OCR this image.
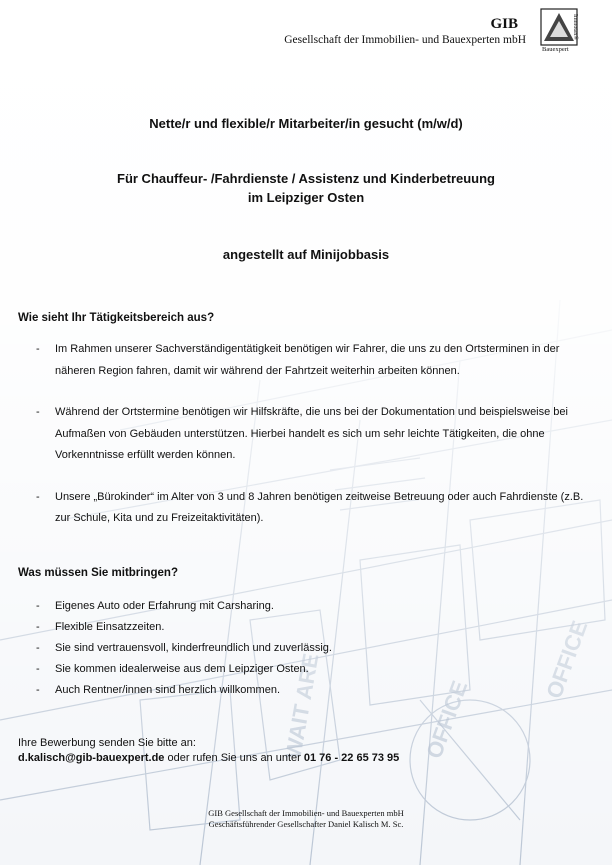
GIB
Gesellschaft der Immobilien- und Bauexperten mbH	Immotax®
Bauexpert
Nette/r und flexible/r Mitarbeiter/in gesucht (m/w/d)
Für Chauffeur- /Fahrdienste / Assistenz und Kinderbetreuung
im Leipziger Osten
angestellt auf Minijobbasis
Wie sieht Ihr Tätigkeitsbereich aus?
- Im Rahmen unserer Sachverständigentätigkeit benötigen wir Fahrer, die uns zu den Ortsterminen in der näheren Region fahren, damit wir während der Fahrtzeit weiterhin arbeiten können.
- Während der Ortstermine benötigen wir Hilfskräfte, die uns bei der Dokumentation und beispielsweise bei Aufmaßen von Gebäuden unterstützen. Hierbei handelt es sich um sehr leichte Tätigkeiten, die ohne Vorkenntnisse erfüllt werden können.
- Unsere „Bürokinder“ im Alter von 3 und 8 Jahren benötigen zeitweise Betreuung oder auch Fahrdienste (z.B. zur Schule, Kita und zu Freizeitaktivitäten).
Was müssen Sie mitbringen?
- Eigenes Auto oder Erfahrung mit Carsharing.
- Flexible Einsatzzeiten.
- Sie sind vertrauensvoll, kinderfreundlich und zuverlässig.
- Sie kommen idealerweise aus dem Leipziger Osten.
- Auch Rentner/innen sind herzlich willkommen.
Ihre Bewerbung senden Sie bitte an:
d.kalisch@gib-bauexpert.de oder rufen Sie uns an unter 01 76 - 22 65 73 95
GIB Gesellschaft der Immobilien- und Bauexperten mbH
Geschäftsführender Gesellschafter Daniel Kalisch M. Sc.
